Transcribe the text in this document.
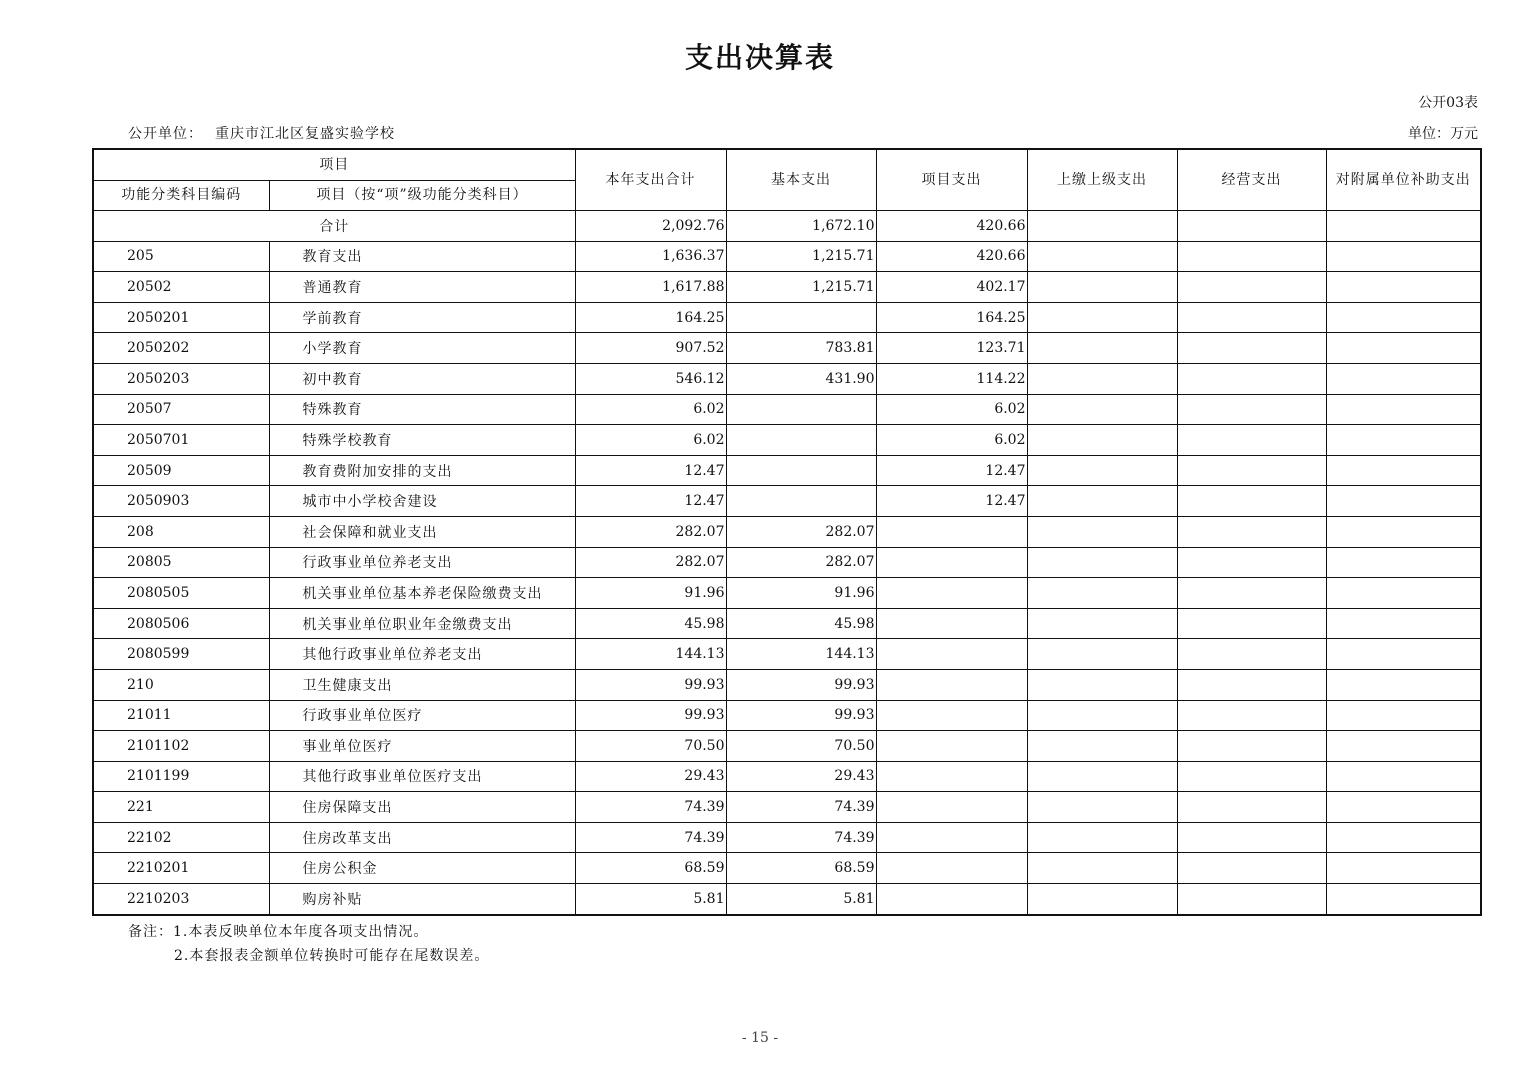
支出决算表
公开03表
公开单位： 重庆市江北区复盛实验学校	单位：万元
项目		本年支出合计	基本支出	项目支出	上缴上级支出	经营支出	对附属单位补助支出
功能分类科目编码	项目（按“项”级功能分类科目）						
合计		2,092.76	1,672.10	420.66			
205	教育支出	1,636.37	1,215.71	420.66			
20502	普通教育	1,617.88	1,215.71	402.17			
2050201	学前教育	164.25		164.25			
2050202	小学教育	907.52	783.81	123.71			
2050203	初中教育	546.12	431.90	114.22			
20507	特殊教育	6.02		6.02			
2050701	特殊学校教育	6.02		6.02			
20509	教育费附加安排的支出	12.47		12.47			
2050903	城市中小学校舍建设	12.47		12.47			
208	社会保障和就业支出	282.07	282.07				
20805	行政事业单位养老支出	282.07	282.07				
2080505	机关事业单位基本养老保险缴费支出	91.96	91.96				
2080506	机关事业单位职业年金缴费支出	45.98	45.98				
2080599	其他行政事业单位养老支出	144.13	144.13				
210	卫生健康支出	99.93	99.93				
21011	行政事业单位医疗	99.93	99.93				
2101102	事业单位医疗	70.50	70.50				
2101199	其他行政事业单位医疗支出	29.43	29.43				
221	住房保障支出	74.39	74.39				
22102	住房改革支出	74.39	74.39				
2210201	住房公积金	68.59	68.59				
2210203	购房补贴	5.81	5.81				
备注：1.本表反映单位本年度各项支出情况。
2.本套报表金额单位转换时可能存在尾数误差。
- 15 -
